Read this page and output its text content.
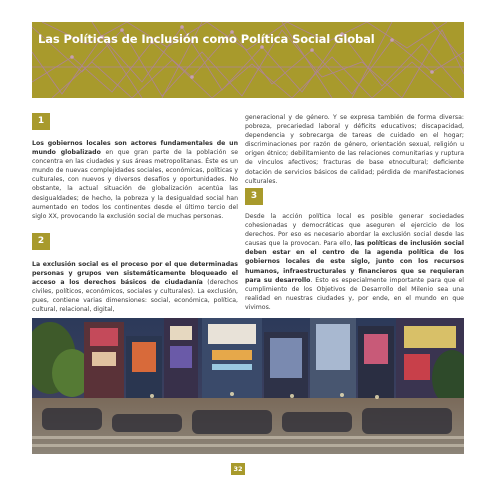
Las Políticas de Inclusión como Política Social Global
1
Los gobiernos locales son actores fundamentales de un mundo globalizado en que gran parte de la población se concentra en las ciudades y sus áreas metropolitanas. Éste es un mundo de nuevas complejidades sociales, económicas, políticas y culturales, con nuevos y diversos desafíos y oportunidades. No obstante, la actual situación de globalización acentúa las desigualdades; de hecho, la pobreza y la desigualdad social han aumentado en todos los continentes desde el último tercio del siglo XX, provocando la exclusión social de muchas personas.
2
La exclusión social es el proceso por el que determinadas personas y grupos ven sistemáticamente bloqueado el acceso a los derechos básicos de ciudadanía (derechos civiles, políticos, económicos, sociales y culturales). La exclusión, pues, contiene varias dimensiones: social, económica, política, cultural, relacional, digital,
generacional y de género. Y se expresa también de forma diversa: pobreza, precariedad laboral y déficits educativos; discapacidad, dependencia y sobrecarga de tareas de cuidado en el hogar; discriminaciones por razón de género, orientación sexual, religión u origen étnico; debilitamiento de las relaciones comunitarias y ruptura de vínculos afectivos; fracturas de base etnocultural; deficiente dotación de servicios básicos de calidad; pérdida de manifestaciones culturales.
3
Desde la acción política local es posible generar sociedades cohesionadas y democráticas que aseguren el ejercicio de los derechos. Por eso es necesario abordar la exclusión social desde las causas que la provocan. Para ello, las políticas de inclusión social deben estar en el centro de la agenda política de los gobiernos locales de este siglo, junto con los recursos humanos, infraestructurales y financieros que se requieran para su desarrollo. Esto es especialmente importante para que el cumplimiento de los Objetivos de Desarrollo del Milenio sea una realidad en nuestras ciudades y, por ende, en el mundo en que vivimos.
32
